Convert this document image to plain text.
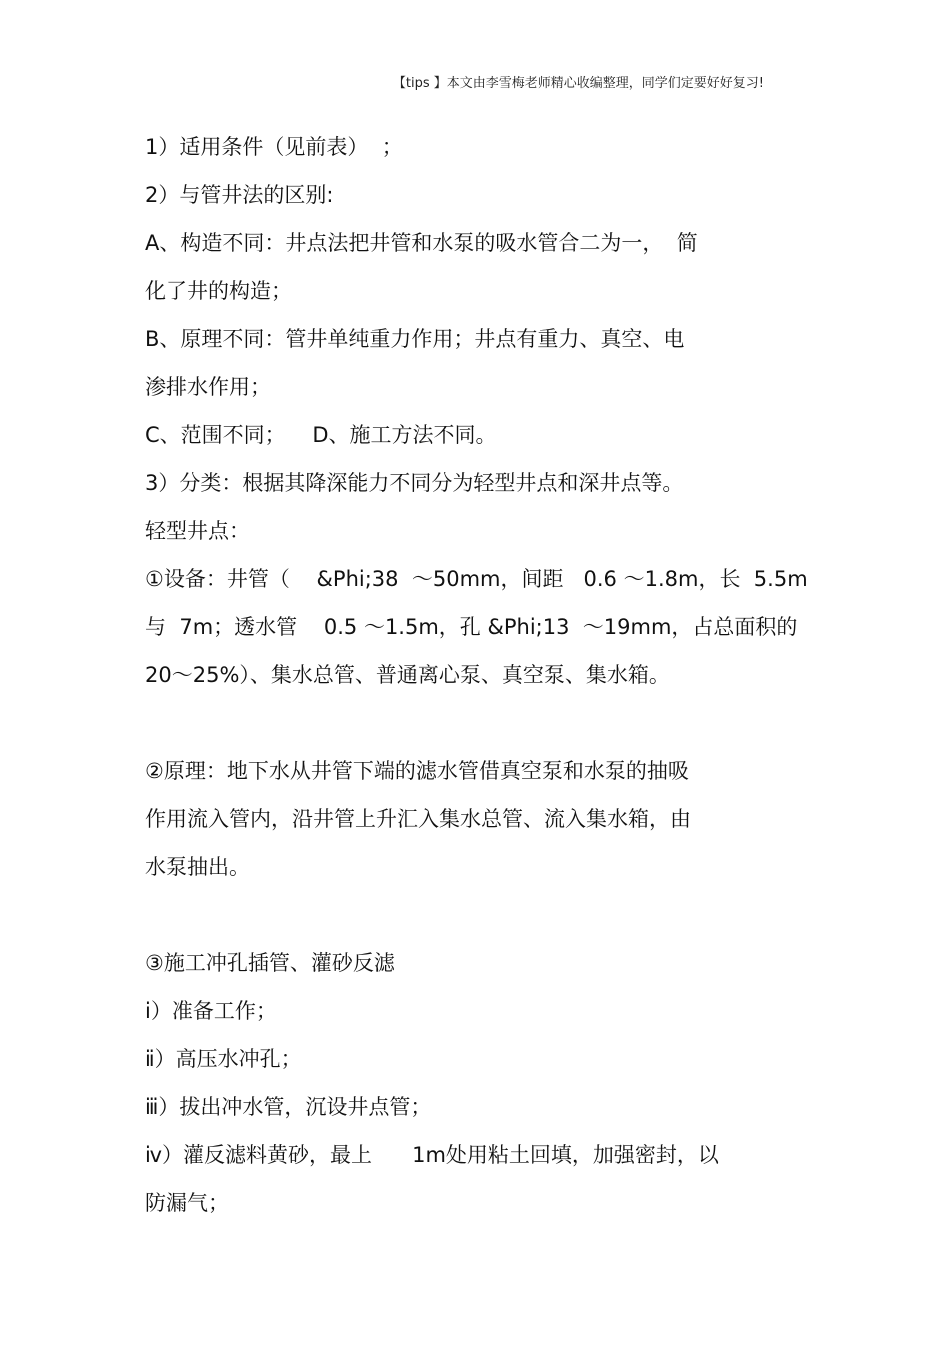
【tips 】本文由李雪梅老师精心收编整理，同学们定要好好复习!
1）适用条件（见前表）  ；
2）与管井法的区别:
A、构造不同：井点法把井管和水泵的吸水管合二为一，  简
化了井的构造；
B、原理不同：管井单纯重力作用；井点有重力、真空、电
渗排水作用；
C、范围不同；    D、施工方法不同。
3）分类：根据其降深能力不同分为轻型井点和深井点等。
轻型井点：
①设备：井管（    &Phi;38  ～50mm，间距   0.6 ～1.8m，长  5.5m
与  7m；透水管    0.5 ～1.5m，孔 &Phi;13  ～19mm，占总面积的
20～25%）、集水总管、普通离心泵、真空泵、集水箱。
②原理：地下水从井管下端的滤水管借真空泵和水泵的抽吸
作用流入管内，沿井管上升汇入集水总管、流入集水箱，由
水泵抽出。
③施工冲孔插管、灌砂反滤
ⅰ）准备工作；
ⅱ）高压水冲孔；
ⅲ）拔出冲水管，沉设井点管；
ⅳ）灌反滤料黄砂，最上      1m处用粘土回填，加强密封，以
防漏气；
